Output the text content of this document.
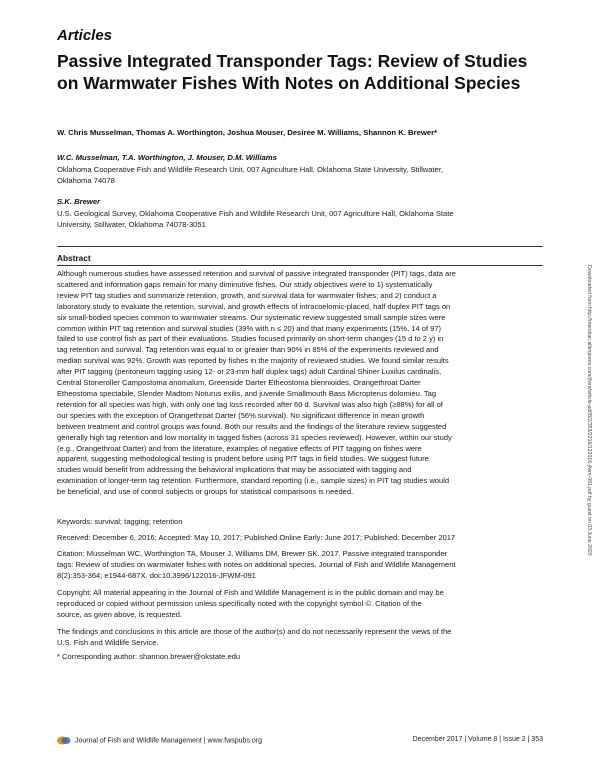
Articles
Passive Integrated Transponder Tags: Review of Studies
on Warmwater Fishes With Notes on Additional Species
W. Chris Musselman, Thomas A. Worthington, Joshua Mouser, Desiree M. Williams, Shannon K. Brewer*
W.C. Musselman, T.A. Worthington, J. Mouser, D.M. Williams
Oklahoma Cooperative Fish and Wildlife Research Unit, 007 Agriculture Hall, Oklahoma State University, Stillwater,
Oklahoma 74078
S.K. Brewer
U.S. Geological Survey, Oklahoma Cooperative Fish and Wildlife Research Unit, 007 Agriculture Hall, Oklahoma State
University, Stillwater, Oklahoma 74078-3051
Downloaded from http://meridian.allenpress.com/jfwm/article-pdf/8/2/353/2216/122016-jfwm-091.pdf by guest on 03 June 2020
Abstract
Although numerous studies have assessed retention and survival of passive integrated transponder (PIT) tags, data are
scattered and information gaps remain for many diminutive fishes. Our study objectives were to 1) systematically
review PIT tag studies and summarize retention, growth, and survival data for warmwater fishes; and 2) conduct a
laboratory study to evaluate the retention, survival, and growth effects of intracoelomic-placed, half duplex PIT tags on
six small-bodied species common to warmwater streams. Our systematic review suggested small sample sizes were
common within PIT tag retention and survival studies (39% with n ≤ 20) and that many experiments (15%, 14 of 97)
failed to use control fish as part of their evaluations. Studies focused primarily on short-term changes (15 d to 2 y) in
tag retention and survival. Tag retention was equal to or greater than 90% in 85% of the experiments reviewed and
median survival was 92%. Growth was reported by fishes in the majority of reviewed studies. We found similar results
after PIT tagging (peritoneum tagging using 12- or 23-mm half duplex tags) adult Cardinal Shiner Luxilus cardinalis,
Central Stoneroller Campostoma anomalum, Greenside Darter Etheostoma blennioides, Orangethroat Darter
Etheostoma spectabile, Slender Madtom Noturus exilis, and juvenile Smallmouth Bass Micropterus dolomieu. Tag
retention for all species was high, with only one tag loss recorded after 60 d. Survival was also high (≥88%) for all of
our species with the exception of Orangethroat Darter (56% survival). No significant difference in mean growth
between treatment and control groups was found. Both our results and the findings of the literature review suggested
generally high tag retention and low mortality in tagged fishes (across 31 species reviewed). However, within our study
(e.g., Orangethroat Darter) and from the literature, examples of negative effects of PIT tagging on fishes were
apparent, suggesting methodological testing is prudent before using PIT tags in field studies. We suggest future
studies would benefit from addressing the behavioral implications that may be associated with tagging and
examination of longer-term tag retention. Furthermore, standard reporting (i.e., sample sizes) in PIT tag studies would
be beneficial, and use of control subjects or groups for statistical comparisons is needed.
Keywords: survival; tagging; retention
Received: December 6, 2016; Accepted: May 10, 2017; Published Online Early: June 2017; Published: December 2017
Citation: Musselman WC, Worthington TA, Mouser J, Williams DM, Brewer SK. 2017. Passive integrated transponder
tags: Review of studies on warmwater fishes with notes on additional species. Journal of Fish and Wildlife Management
8(2):353-364; e1944-687X. doi:10.3996/122016-JFWM-091
Copyright: All material appearing in the Journal of Fish and Wildlife Management is in the public domain and may be
reproduced or copied without permission unless specifically noted with the copyright symbol ©. Citation of the
source, as given above, is requested.
The findings and conclusions in this article are those of the author(s) and do not necessarily represent the views of the
U.S. Fish and Wildlife Service.
* Corresponding author: shannon.brewer@okstate.edu
Journal of Fish and Wildlife Management | www.fwspubs.org	December 2017 | Volume 8 | Issue 2 | 353
